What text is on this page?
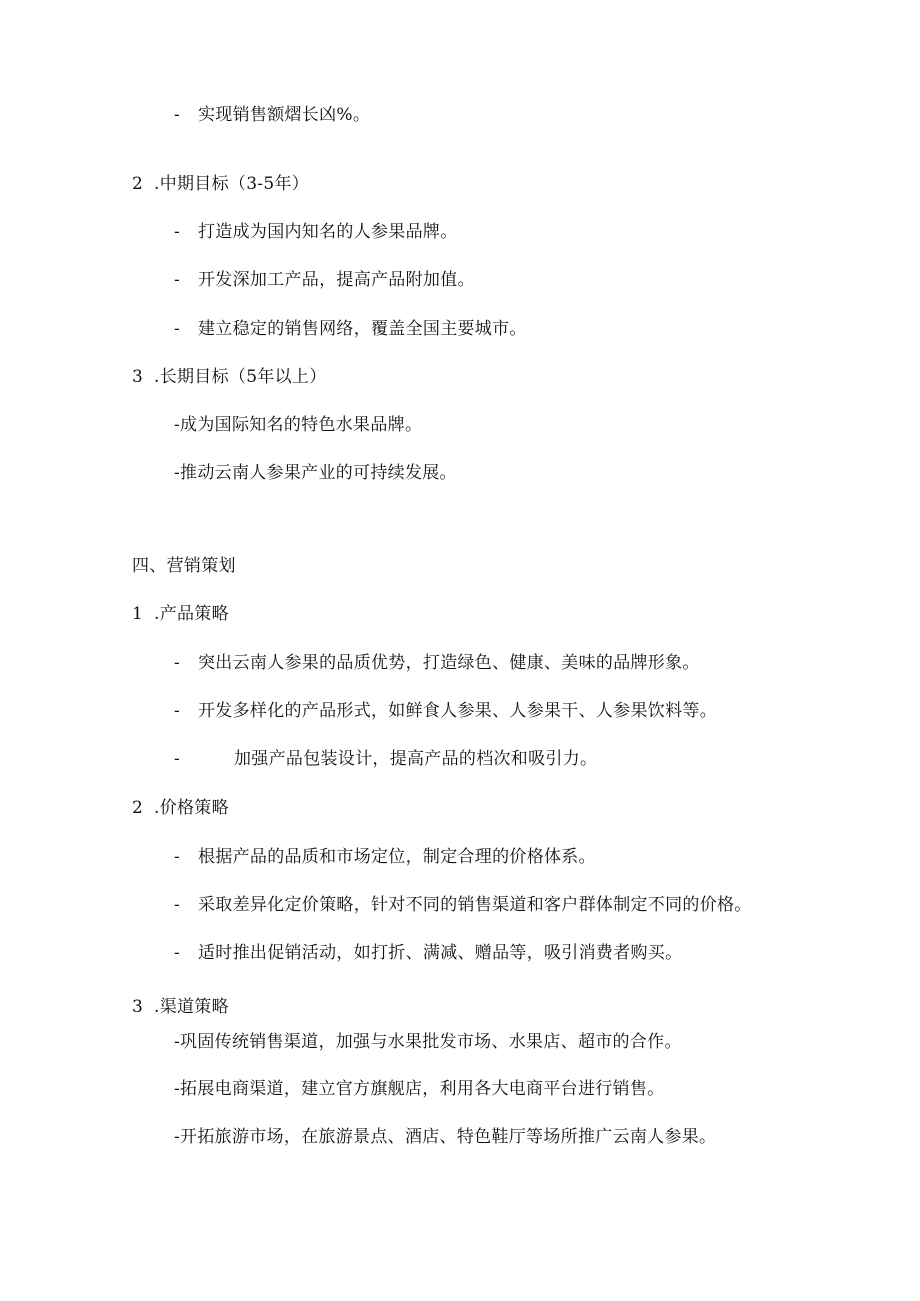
- 实现销售额熠长凶%。
2 .中期目标（3-5年）
- 打造成为国内知名的人参果品牌。
- 开发深加工产品，提高产品附加值。
- 建立稳定的销售网络，覆盖全国主要城市。
3 .长期目标（5年以上）
-成为国际知名的特色水果品牌。
-推动云南人参果产业的可持续发展。
四、营销策划
1 .产品策略
- 突出云南人参果的品质优势，打造绿色、健康、美味的品牌形象。
- 开发多样化的产品形式，如鲜食人参果、人参果干、人参果饮料等。
-	加强产品包装设计，提高产品的档次和吸引力。
2 .价格策略
- 根据产品的品质和市场定位，制定合理的价格体系。
- 采取差异化定价策略，针对不同的销售渠道和客户群体制定不同的价格。
- 适时推出促销活动，如打折、满减、赠品等，吸引消费者购买。
3 .渠道策略
-巩固传统销售渠道，加强与水果批发市场、水果店、超市的合作。
-拓展电商渠道，建立官方旗舰店，利用各大电商平台进行销售。
-开拓旅游市场，在旅游景点、酒店、特色鞋厅等场所推广云南人参果。
